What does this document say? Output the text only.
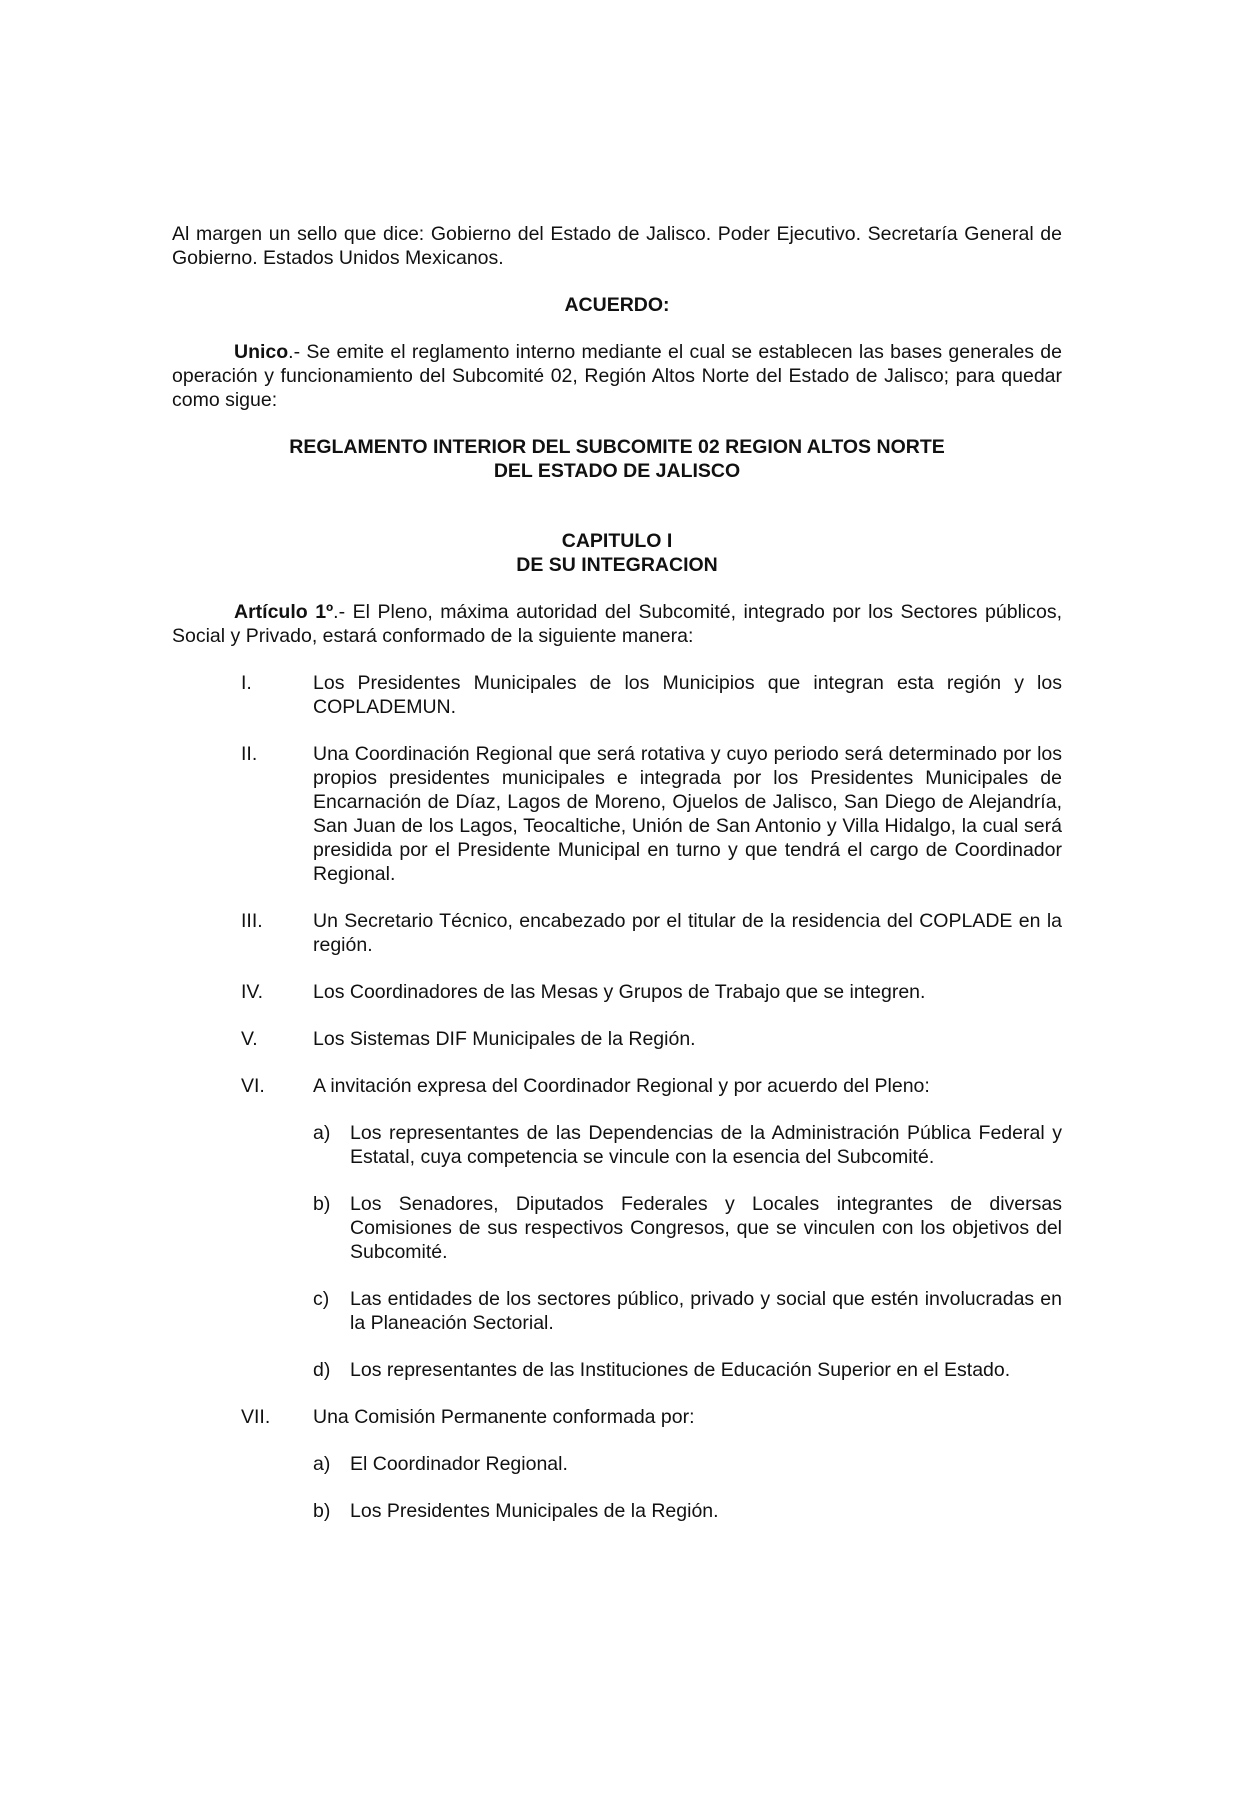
Al margen un sello que dice: Gobierno del Estado de Jalisco. Poder Ejecutivo. Secretaría General de Gobierno. Estados Unidos Mexicanos.

ACUERDO:

Unico.- Se emite el reglamento interno mediante el cual se establecen las bases generales de operación y funcionamiento del Subcomité 02, Región Altos Norte del Estado de Jalisco; para quedar como sigue:

REGLAMENTO INTERIOR DEL SUBCOMITE 02 REGION ALTOS NORTE

DEL ESTADO DE JALISCO

CAPITULO I

DE SU INTEGRACION

Artículo 1º.- El Pleno, máxima autoridad del Subcomité, integrado por los Sectores públicos, Social y Privado, estará conformado de la siguiente manera:

I.	Los Presidentes Municipales de los Municipios que integran esta región y los COPLADEMUN.
II.	Una Coordinación Regional que será rotativa y cuyo periodo será determinado por los propios presidentes municipales e integrada por los Presidentes Municipales de Encarnación de Díaz, Lagos de Moreno, Ojuelos de Jalisco, San Diego de Alejandría, San Juan de los Lagos, Teocaltiche, Unión de San Antonio y Villa Hidalgo, la cual será presidida por el Presidente Municipal en turno y que tendrá el cargo de Coordinador Regional.
III.	Un Secretario Técnico, encabezado por el titular de la residencia del COPLADE en la región.
IV.	Los Coordinadores de las Mesas y Grupos de Trabajo que se integren.
V.	Los Sistemas DIF Municipales de la Región.
VI. A invitación expresa del Coordinador Regional y por acuerdo del Pleno:
a) Los representantes de las Dependencias de la Administración Pública Federal y Estatal, cuya competencia se vincule con la esencia del Subcomité.
b) Los Senadores, Diputados Federales y Locales integrantes de diversas Comisiones de sus respectivos Congresos, que se vinculen con los objetivos del Subcomité.
c) Las entidades de los sectores público, privado y social que estén involucradas en la Planeación Sectorial.
d) Los representantes de las Instituciones de Educación Superior en el Estado.
VII. Una Comisión Permanente conformada por:
a) El Coordinador Regional.
b) Los Presidentes Municipales de la Región.
